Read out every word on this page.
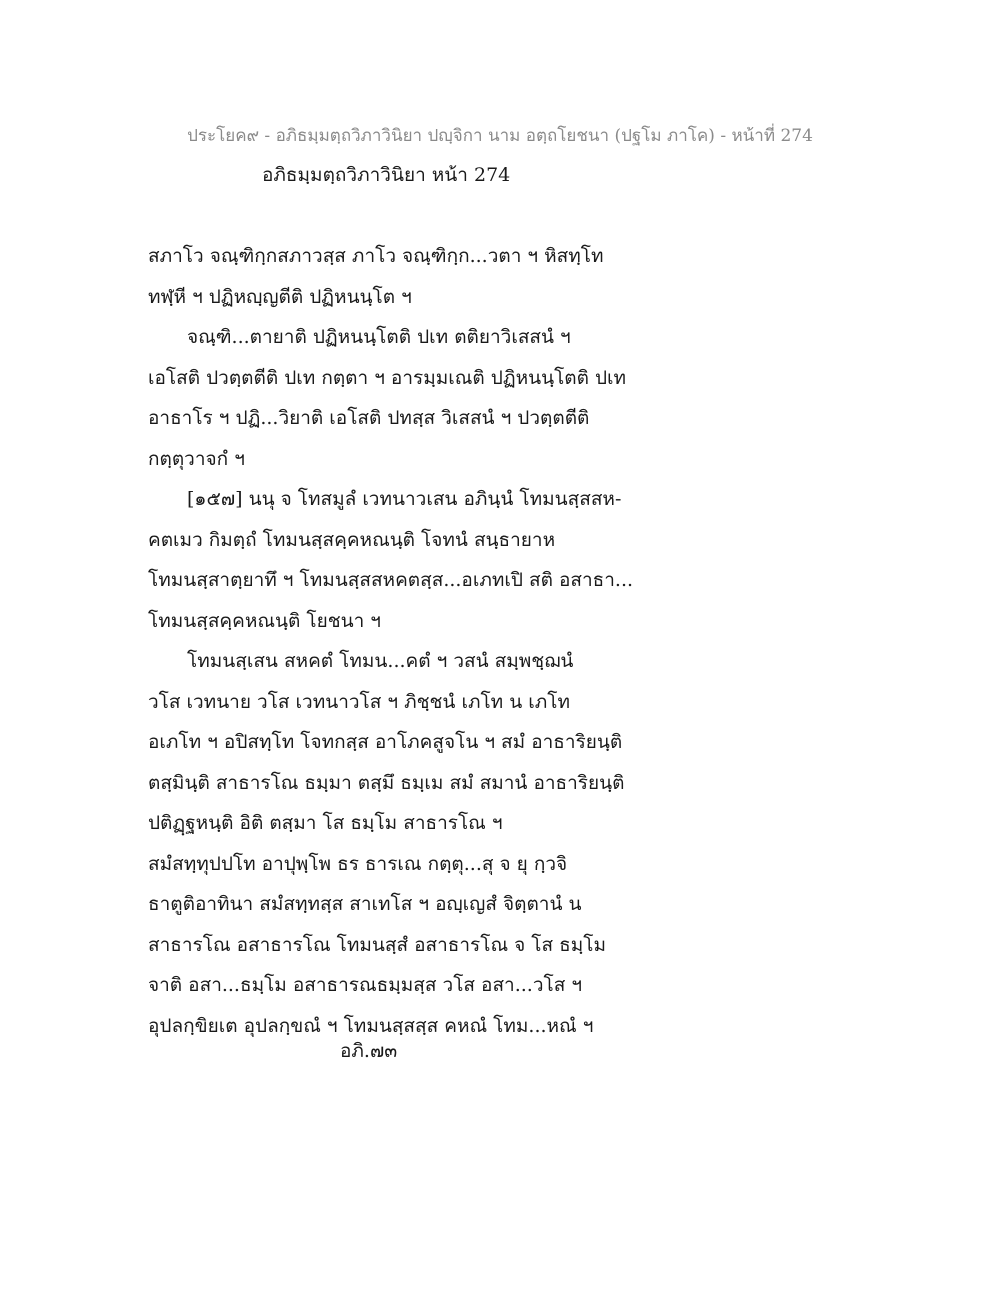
ประโยค๙ - อภิธมฺมตฺถวิภาวินิยา ปญฺจิกา นาม อตฺถโยชนา (ปฐโม ภาโค) - หน้าที่ 274
อภิธมฺมตฺถวิภาวินิยา หน้า 274
สภาโว จณฺฑิกฺกสภาวสฺส ภาโว จณฺฑิกฺก...วตา ฯ หิสทฺโท
ทฬฺหี ฯ ปฏิหญฺญตีติ ปฏิหนนฺโต ฯ
จณฺฑิ...ตายาติ ปฏิหนนฺโตติ ปเท ตติยาวิเสสนํ ฯ
เอโสติ ปวตฺตตีติ ปเท กตฺตา ฯ อารมฺมเณติ ปฏิหนนฺโตติ ปเท
อาธาโร ฯ ปฏิ...วิยาติ เอโสติ ปทสฺส วิเสสนํ ฯ ปวตฺตตีติ
กตฺตุวาจกํ ฯ
[๑๕๗] นนุ จ โทสมูลํ เวทนาวเสน อภินฺนํ โทมนสฺสสห-
คตเมว กิมตฺถํ โทมนสฺสคฺคหณนฺติ โจทนํ สนฺธายาห
โทมนสฺสาตฺยาทึ ฯ โทมนสฺสสหคตสฺส...อเภทเปิ สติ อสาธา...
โทมนสฺสคฺคหณนฺติ โยชนา ฯ
โทมนสฺเสน สหคตํ โทมน...คตํ ฯ วสนํ สมฺพชฺฌนํ
วโส เวทนาย วโส เวทนาวโส ฯ ภิชฺชนํ เภโท น เภโท
อเภโท ฯ อปิสทฺโท โจทกสฺส อาโภคสูจโน ฯ สมํ อาธาริยนฺติ
ตสฺมินฺติ สาธารโณ ธมฺมา ตสฺมึ ธมฺเม สมํ สมานํ อาธาริยนฺติ
ปติฏฺฐหนฺติ อิติ ตสฺมา โส ธมฺโม สาธารโณ ฯ
สมํสทฺทุปปโท อาปุพฺโพ ธร ธารเณ กตฺตุ...สุ จ ยุ กฺวจิ
ธาตูติอาทินา สมํสทฺทสฺส สาเทโส ฯ อญฺเญสํ จิตฺตานํ น
สาธารโณ อสาธารโณ โทมนสฺสํ อสาธารโณ จ โส ธมฺโม
จาติ อสา...ธมฺโม อสาธารณธมฺมสฺส วโส อสา...วโส ฯ
อุปลกฺขิยเต อุปลกฺขณํ ฯ โทมนสฺสสฺส คหณํ โทม...หณํ ฯ
อภิ.๗๓
